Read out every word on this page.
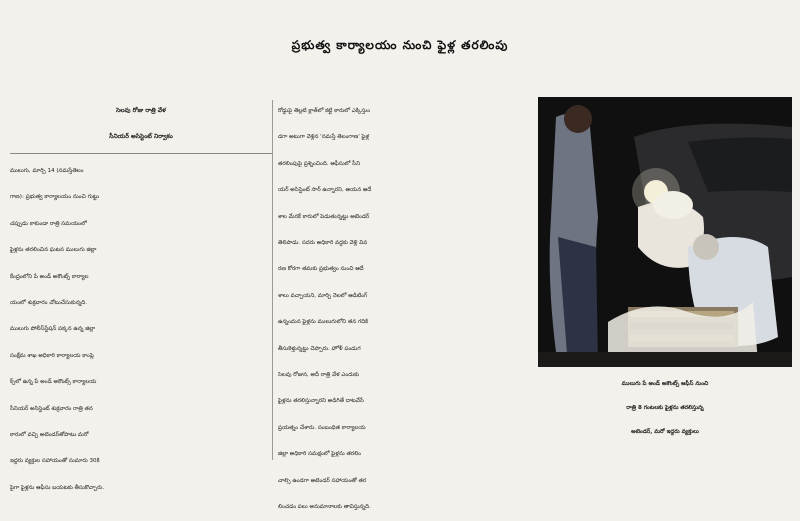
ప్రభుత్వ కార్యాలయం నుంచి ఫైళ్ల తరలింపు
సెలవు రోజు రాత్రి వేళ
సీనియర్ అసిస్టెంట్ నిర్వాకం

ములుగు, మార్చి 14 (నమస్తేతెలం

గాణ): ప్రభుత్వ కార్యాలయం నుంచి గుట్టు

చప్పుడు కాకుండా రాత్రి సమయంలో

ఫైళ్లను తరలించిన ఘటన ములుగు జిల్లా

కేంద్రంలోని పే అండ్ అకౌంట్స్ కార్యాల

యంలో శుక్రవారం చోటుచేసుకున్నది.

ములుగు పోలీస్‌స్టేషన్ పక్కన ఉన్న జిల్లా

సంక్షేమ శాఖ అధికారి కార్యాలయ కాంప్లె

క్స్‌లో ఉన్న పే అండ్ అకౌంట్స్ కార్యాలయ

సీనియర్ అసిస్టెంట్ శుక్రవారం రాత్రి తన

కారులో వచ్చి అటెండర్‌తోపాటు మరో

ఇద్దరు వ్యక్తుల సహాయంతో సుమారు 30కి

పైగా ఫైళ్లను ఆఫీసు బయటకు తీసుకొచ్చారు.

రోడ్డుపై తెల్లటి క్లాత్‌లో కట్టి కారులో ఎక్కిస్తుం

డగా అటుగా వెళ్లిన 'నమస్తే తెలంగాణ' ఫైళ్ల

తరలింపుపై ప్రశ్నించింది. ఆఫీసులో సీని

యర్ అసిస్టెంట్ సార్ ఉన్నారని, ఆయన ఆదే

శాల మేరకే కారులో పెడుతున్నట్టు అటెండర్

తెలిపాడు. సదరు అధికారి వద్దకు వెళ్లి వివ

రణ కోరగా తమకు ప్రభుత్వం నుంచి ఆదే

శాలు వచ్చాయని, మార్చి నెలలో ఆడిటింగ్

ఉన్నందున ఫైళ్లను ములుగులోని తన గదికి

తీసుకెళ్తున్నట్టు చెప్పారు. హోళీ పండుగ

సెలవు రోజున, అదీ రాత్రి వేళ ఎందుకు

ఫైళ్లను తరలిస్తున్నారని అడిగితే దాటవేసే

ప్రయత్నం చేశారు. సంబంధిత కార్యాలయ

జిల్లా అధికారి సమక్షంలో ఫైళ్లను తరలిం

చాల్సి ఉండగా అటెండర్ సహాయంతో తర

లించడం పలు అనుమానాలకు తావిస్తున్నది.

ములుగు పే అండ్ అకౌంట్స్ ఆఫీస్ నుంచి

రాత్రి 8 గంటలకు ఫైళ్లను తరలిస్తున్న

అటెండర్, మరో ఇద్దరు వ్యక్తులు
